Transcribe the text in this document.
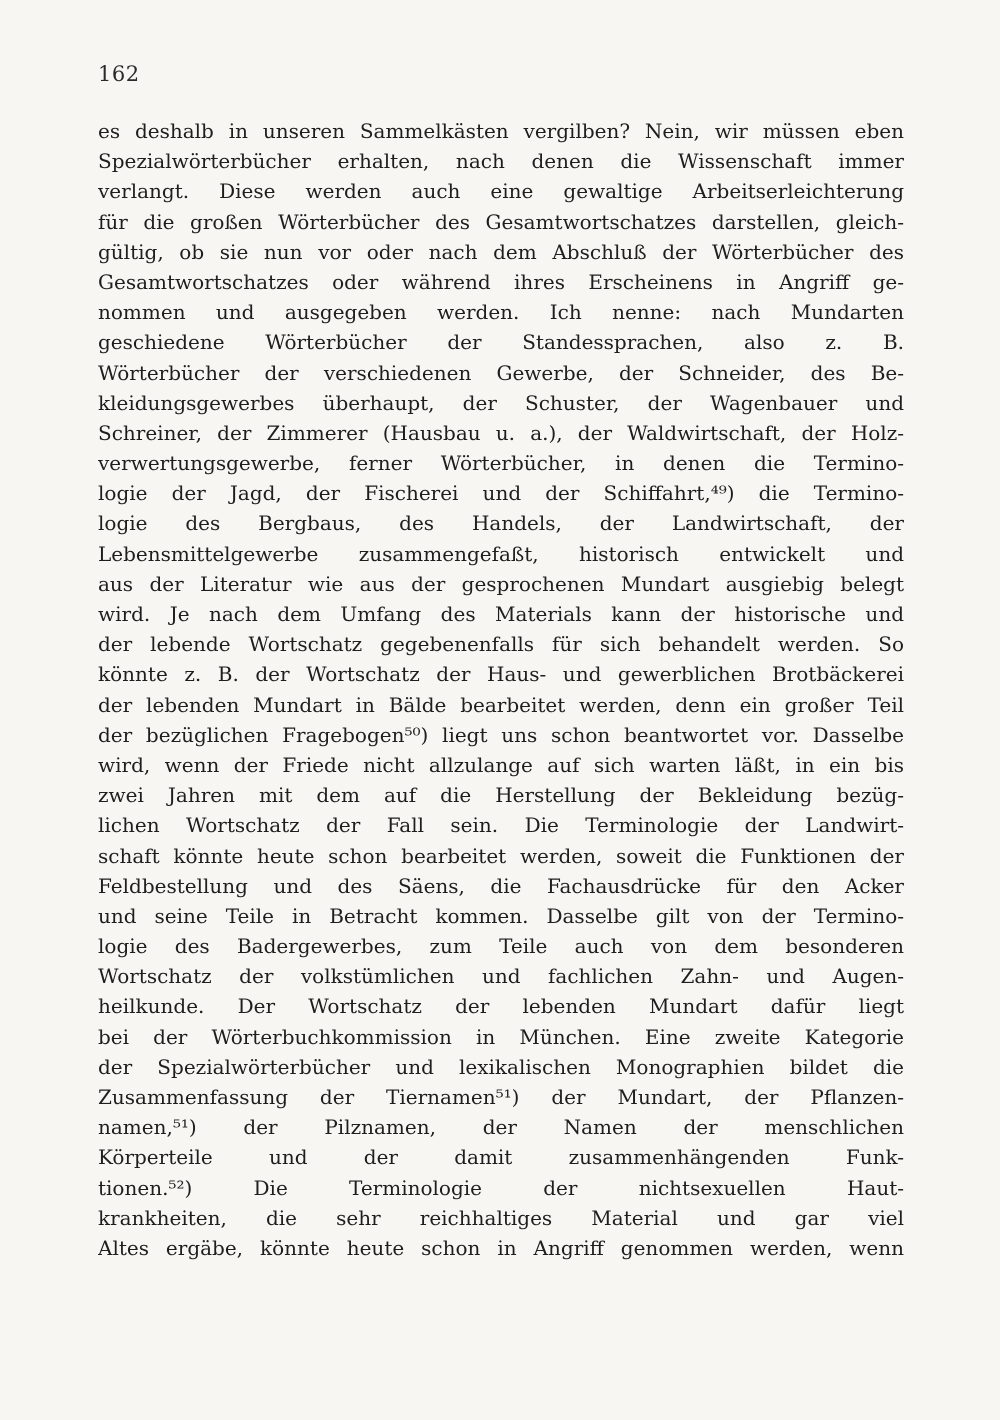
162
es deshalb in unseren Sammelkästen vergilben? Nein, wir müssen eben
Spezialwörterbücher erhalten, nach denen die Wissenschaft immer
verlangt. Diese werden auch eine gewaltige Arbeitserleichterung
für die großen Wörterbücher des Gesamtwortschatzes darstellen, gleich-
gültig, ob sie nun vor oder nach dem Abschluß der Wörterbücher des
Gesamtwortschatzes oder während ihres Erscheinens in Angriff ge-
nommen und ausgegeben werden. Ich nenne: nach Mundarten
geschiedene Wörterbücher der Standessprachen, also z. B.
Wörterbücher der verschiedenen Gewerbe, der Schneider, des Be-
kleidungsgewerbes überhaupt, der Schuster, der Wagenbauer und
Schreiner, der Zimmerer (Hausbau u. a.), der Waldwirtschaft, der Holz-
verwertungsgewerbe, ferner Wörterbücher, in denen die Termino-
logie der Jagd, der Fischerei und der Schiffahrt,⁴⁹) die Termino-
logie des Bergbaus, des Handels, der Landwirtschaft, der
Lebensmittelgewerbe zusammengefaßt, historisch entwickelt und
aus der Literatur wie aus der gesprochenen Mundart ausgiebig belegt
wird. Je nach dem Umfang des Materials kann der historische und
der lebende Wortschatz gegebenenfalls für sich behandelt werden. So
könnte z. B. der Wortschatz der Haus- und gewerblichen Brotbäckerei
der lebenden Mundart in Bälde bearbeitet werden, denn ein großer Teil
der bezüglichen Fragebogen⁵⁰) liegt uns schon beantwortet vor. Dasselbe
wird, wenn der Friede nicht allzulange auf sich warten läßt, in ein bis
zwei Jahren mit dem auf die Herstellung der Bekleidung bezüg-
lichen Wortschatz der Fall sein. Die Terminologie der Landwirt-
schaft könnte heute schon bearbeitet werden, soweit die Funktionen der
Feldbestellung und des Säens, die Fachausdrücke für den Acker
und seine Teile in Betracht kommen. Dasselbe gilt von der Termino-
logie des Badergewerbes, zum Teile auch von dem besonderen
Wortschatz der volkstümlichen und fachlichen Zahn- und Augen-
heilkunde. Der Wortschatz der lebenden Mundart dafür liegt
bei der Wörterbuchkommission in München. Eine zweite Kategorie
der Spezialwörterbücher und lexikalischen Monographien bildet die
Zusammenfassung der Tiernamen⁵¹) der Mundart, der Pflanzen-
namen,⁵¹) der Pilznamen, der Namen der menschlichen
Körperteile und der damit zusammenhängenden Funk-
tionen.⁵²) Die Terminologie der nichtsexuellen Haut-
krankheiten, die sehr reichhaltiges Material und gar viel
Altes ergäbe, könnte heute schon in Angriff genommen werden, wenn
